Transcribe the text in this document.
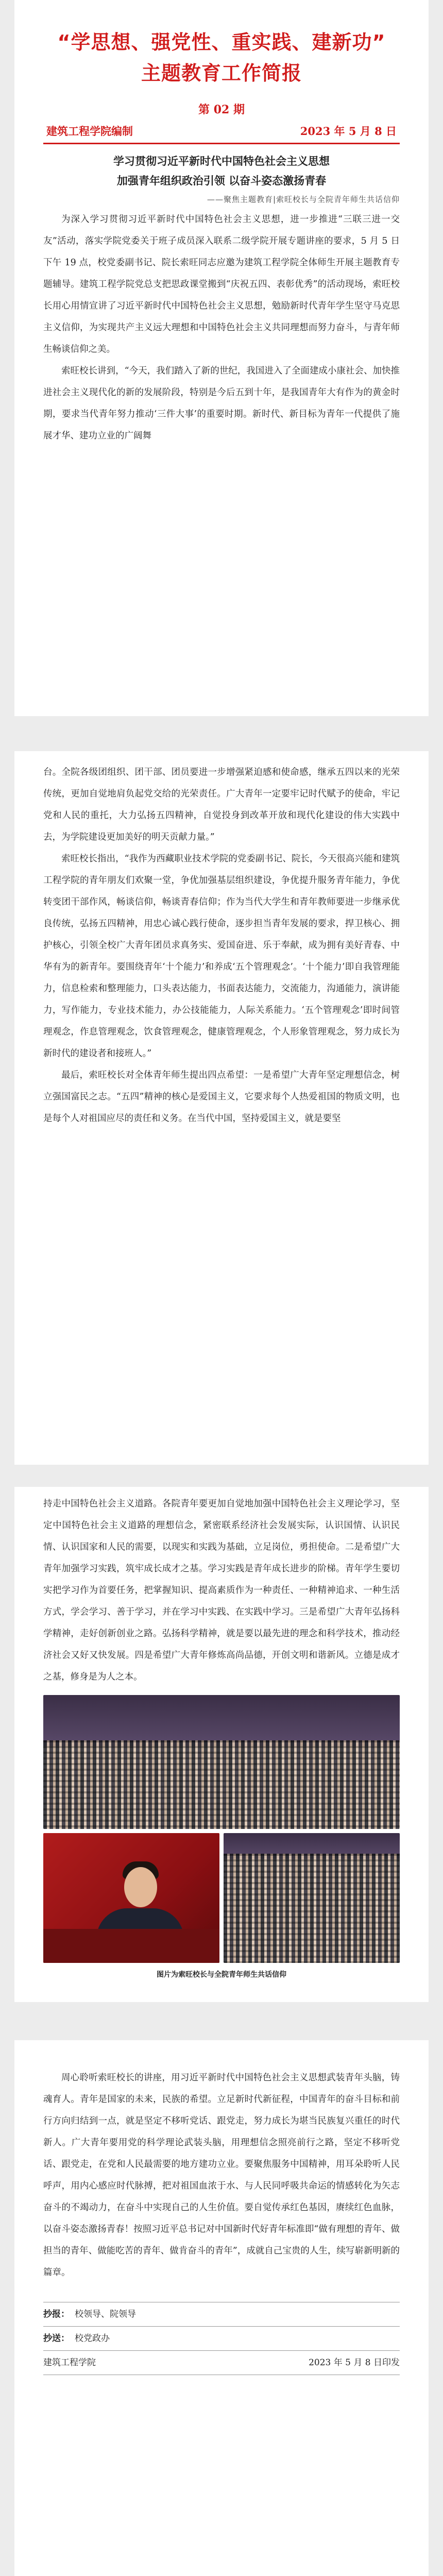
“学思想、强党性、重实践、建新功”
主题教育工作简报
第 02 期
建筑工程学院编制	2023 年 5 月 8 日
学习贯彻习近平新时代中国特色社会主义思想
加强青年组织政治引领 以奋斗姿态激扬青春
——聚焦主题教育|索旺校长与全院青年师生共话信仰

为深入学习贯彻习近平新时代中国特色社会主义思想，进一步推进“三联三进一交友”活动，落实学院党委关于班子成员深入联系二级学院开展专题讲座的要求，5 月 5 日下午 19 点，校党委副书记、院长索旺同志应邀为建筑工程学院全体师生开展主题教育专题辅导。建筑工程学院党总支把思政课堂搬到“庆祝五四、表彰优秀”的活动现场，索旺校长用心用情宣讲了习近平新时代中国特色社会主义思想，勉励新时代青年学生坚守马克思主义信仰，为实现共产主义远大理想和中国特色社会主义共同理想而努力奋斗，与青年师生畅谈信仰之美。

索旺校长讲到，“今天，我们踏入了新的世纪，我国进入了全面建成小康社会、加快推进社会主义现代化的新的发展阶段，特别是今后五到十年，是我国青年大有作为的黄金时期，要求当代青年努力推动‘三件大事’的重要时期。新时代、新目标为青年一代提供了施展才华、建功立业的广阔舞

台。全院各级团组织、团干部、团员要进一步增强紧迫感和使命感，继承五四以来的光荣传统，更加自觉地肩负起党交给的光荣责任。广大青年一定要牢记时代赋予的使命，牢记党和人民的重托，大力弘扬五四精神，自觉投身到改革开放和现代化建设的伟大实践中去，为学院建设更加美好的明天贡献力量。”

索旺校长指出，“我作为西藏职业技术学院的党委副书记、院长，今天很高兴能和建筑工程学院的青年朋友们欢聚一堂，争优加强基层组织建设，争优提升服务青年能力，争优转变团干部作风，畅谈信仰，畅谈青春信仰；作为当代大学生和青年教师要进一步继承优良传统，弘扬五四精神，用忠心诚心践行使命，逐步担当青年发展的要求，捍卫核心、拥护核心，引领全校广大青年团员求真务实、爱国奋进、乐于奉献，成为拥有美好青春、中华有为的新青年。要围绕青年‘十个能力’和养成‘五个管理观念’。‘十个能力’即自我管理能力，信息检索和整理能力，口头表达能力，书面表达能力，交流能力，沟通能力，演讲能力，写作能力，专业技术能力，办公技能能力，人际关系能力。‘五个管理观念’即时间管理观念，作息管理观念，饮食管理观念，健康管理观念，个人形象管理观念，努力成长为新时代的建设者和接班人。”

最后，索旺校长对全体青年师生提出四点希望：一是希望广大青年坚定理想信念，树立强国富民之志。“五四”精神的核心是爱国主义，它要求每个人热爱祖国的物质文明，也是每个人对祖国应尽的责任和义务。在当代中国，坚持爱国主义，就是要坚

持走中国特色社会主义道路。各院青年要更加自觉地加强中国特色社会主义理论学习，坚定中国特色社会主义道路的理想信念，紧密联系经济社会发展实际，认识国情、认识民情、认识国家和人民的需要，以现实和实践为基础，立足岗位，勇担使命。二是希望广大青年加强学习实践，筑牢成长成才之基。学习实践是青年成长进步的阶梯。青年学生要切实把学习作为首要任务，把掌握知识、提高素质作为一种责任、一种精神追求、一种生活方式，学会学习、善于学习，并在学习中实践、在实践中学习。三是希望广大青年弘扬科学精神，走好创新创业之路。弘扬科学精神，就是要以最先进的理念和科学技术，推动经济社会又好又快发展。四是希望广大青年修炼高尚品德，开创文明和谐新风。立德是成才之基，修身是为人之本。

图片为索旺校长与全院青年师生共话信仰

周心聆听索旺校长的讲座，用习近平新时代中国特色社会主义思想武装青年头脑，铸魂育人。青年是国家的未来，民族的希望。立足新时代新征程，中国青年的奋斗目标和前行方向归结到一点，就是坚定不移听党话、跟党走，努力成长为堪当民族复兴重任的时代新人。广大青年要用党的科学理论武装头脑，用理想信念照亮前行之路，坚定不移听党话、跟党走，在党和人民最需要的地方建功立业。要聚焦服务中国精神，用耳朵聆听人民呼声，用内心感应时代脉搏，把对祖国血浓于水、与人民同呼吸共命运的情感转化为矢志奋斗的不竭动力，在奋斗中实现自己的人生价值。要自觉传承红色基因，赓续红色血脉，以奋斗姿态激扬青春！按照习近平总书记对中国新时代好青年标准即“做有理想的青年、做担当的青年、做能吃苦的青年、做肯奋斗的青年”，成就自己宝贵的人生，续写崭新明新的篇章。

抄报： 校领导、院领导
抄送： 校党政办
建筑工程学院	2023 年 5 月 8 日印发
